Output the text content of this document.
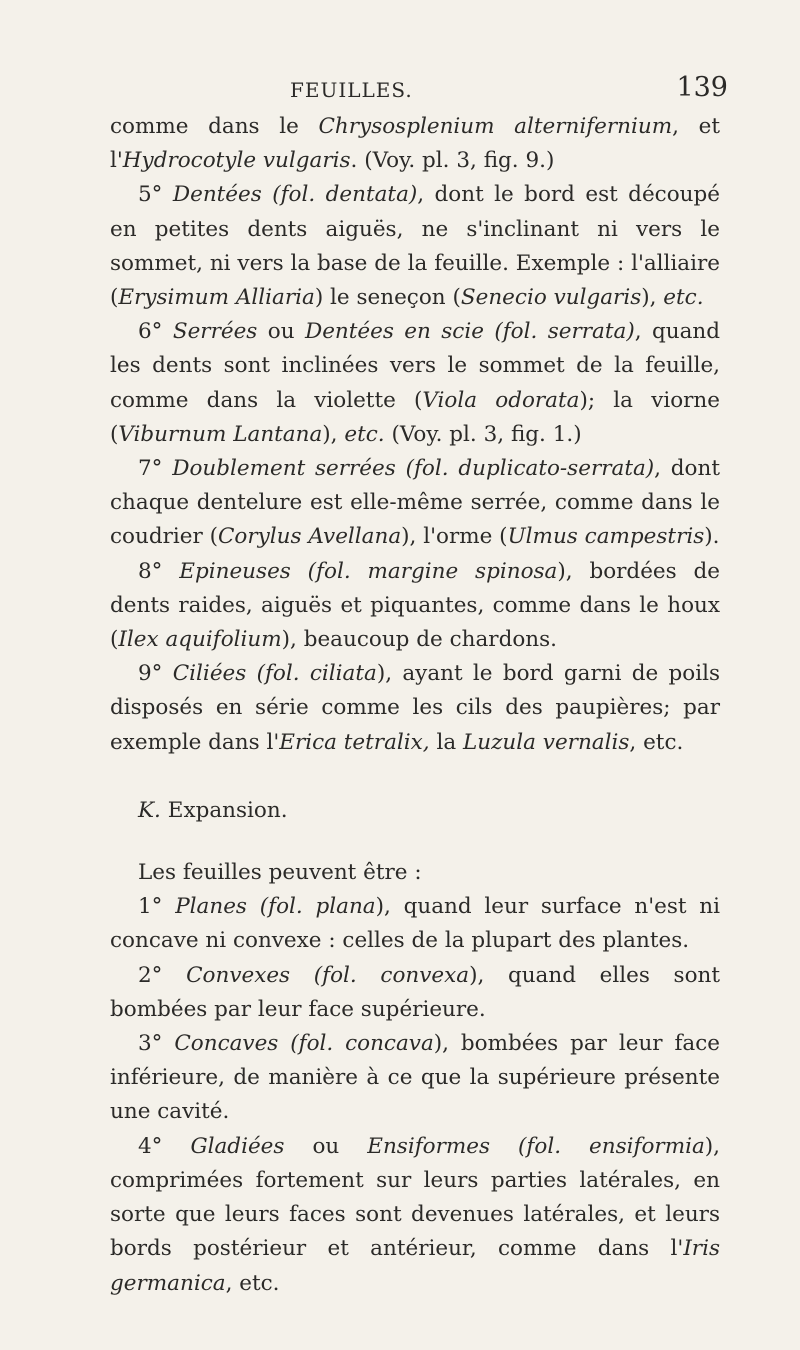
FEUILLES.	139

comme dans le Chrysosplenium alternifernium, et l'Hydrocotyle vulgaris. (Voy. pl. 3, fig. 9.)

5° Dentées (fol. dentata), dont le bord est découpé en petites dents aiguës, ne s'inclinant ni vers le sommet, ni vers la base de la feuille. Exemple : l'alliaire (Erysimum Alliaria) le seneçon (Senecio vulgaris), etc.

6° Serrées ou Dentées en scie (fol. serrata), quand les dents sont inclinées vers le sommet de la feuille, comme dans la violette (Viola odorata); la viorne (Viburnum Lantana), etc. (Voy. pl. 3, fig. 1.)

7° Doublement serrées (fol. duplicato-serrata), dont chaque dentelure est elle-même serrée, comme dans le coudrier (Corylus Avellana), l'orme (Ulmus campestris).

8° Epineuses (fol. margine spinosa), bordées de dents raides, aiguës et piquantes, comme dans le houx (Ilex aquifolium), beaucoup de chardons.

9° Ciliées (fol. ciliata), ayant le bord garni de poils disposés en série comme les cils des paupières; par exemple dans l'Erica tetralix, la Luzula vernalis, etc.

K. Expansion.

Les feuilles peuvent être :

1° Planes (fol. plana), quand leur surface n'est ni concave ni convexe : celles de la plupart des plantes.

2° Convexes (fol. convexa), quand elles sont bombées par leur face supérieure.

3° Concaves (fol. concava), bombées par leur face inférieure, de manière à ce que la supérieure présente une cavité.

4° Gladiées ou Ensiformes (fol. ensiformia), comprimées fortement sur leurs parties latérales, en sorte que leurs faces sont devenues latérales, et leurs bords postérieur et antérieur, comme dans l'Iris germanica, etc.
